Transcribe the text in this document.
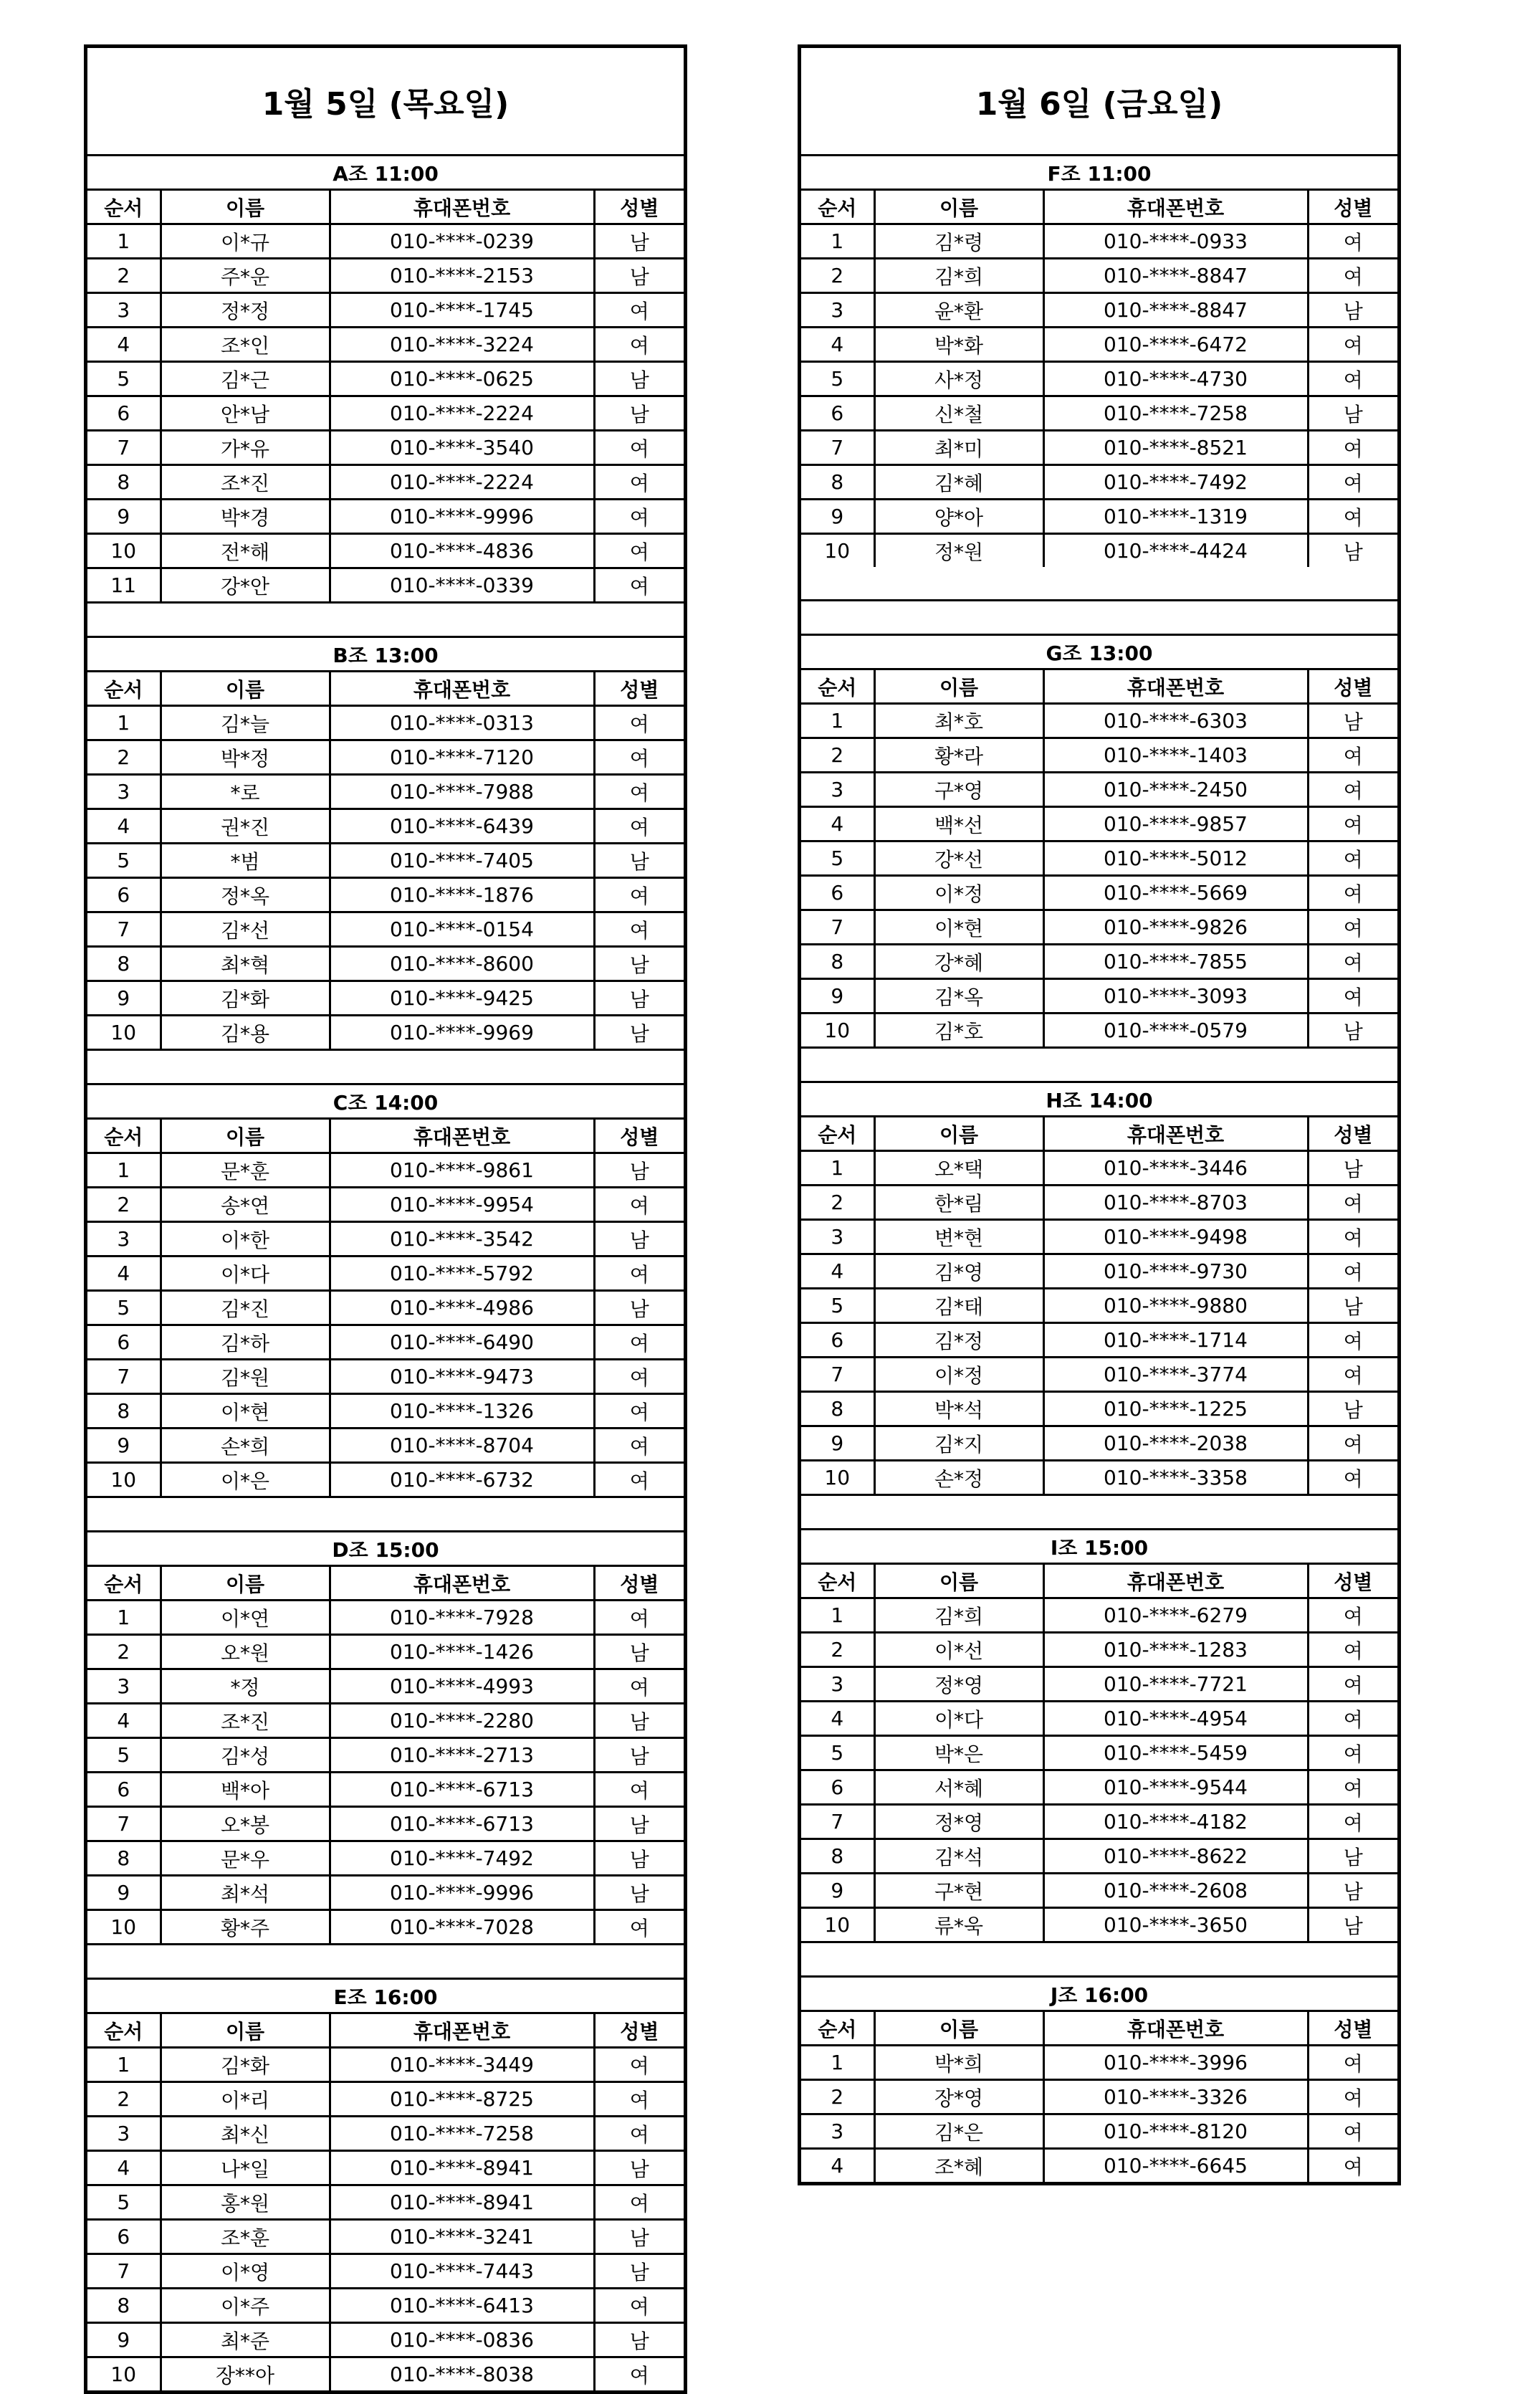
1월 5일 (목요일)
A조 11:00			
순서	이름	휴대폰번호	성별
1	이*규	010-****-0239	남
2	주*운	010-****-2153	남
3	정*정	010-****-1745	여
4	조*인	010-****-3224	여
5	김*근	010-****-0625	남
6	안*남	010-****-2224	남
7	가*유	010-****-3540	여
8	조*진	010-****-2224	여
9	박*경	010-****-9996	여
10	전*해	010-****-4836	여
11	강*안	010-****-0339	여

B조 13:00			
순서	이름	휴대폰번호	성별
1	김*늘	010-****-0313	여
2	박*정	010-****-7120	여
3	*로	010-****-7988	여
4	권*진	010-****-6439	여
5	*범	010-****-7405	남
6	정*옥	010-****-1876	여
7	김*선	010-****-0154	여
8	최*혁	010-****-8600	남
9	김*화	010-****-9425	남
10	김*용	010-****-9969	남

C조 14:00			
순서	이름	휴대폰번호	성별
1	문*훈	010-****-9861	남
2	송*연	010-****-9954	여
3	이*한	010-****-3542	남
4	이*다	010-****-5792	여
5	김*진	010-****-4986	남
6	김*하	010-****-6490	여
7	김*원	010-****-9473	여
8	이*현	010-****-1326	여
9	손*희	010-****-8704	여
10	이*은	010-****-6732	여

D조 15:00			
순서	이름	휴대폰번호	성별
1	이*연	010-****-7928	여
2	오*원	010-****-1426	남
3	*정	010-****-4993	여
4	조*진	010-****-2280	남
5	김*성	010-****-2713	남
6	백*아	010-****-6713	여
7	오*봉	010-****-6713	남
8	문*우	010-****-7492	남
9	최*석	010-****-9996	남
10	황*주	010-****-7028	여

E조 16:00			
순서	이름	휴대폰번호	성별
1	김*화	010-****-3449	여
2	이*리	010-****-8725	여
3	최*신	010-****-7258	여
4	나*일	010-****-8941	남
5	홍*원	010-****-8941	여
6	조*훈	010-****-3241	남
7	이*영	010-****-7443	남
8	이*주	010-****-6413	여
9	최*준	010-****-0836	남
10	장**아	010-****-8038	여
1월 6일 (금요일)
F조 11:00			
순서	이름	휴대폰번호	성별
1	김*령	010-****-0933	여
2	김*희	010-****-8847	여
3	윤*환	010-****-8847	남
4	박*화	010-****-6472	여
5	사*정	010-****-4730	여
6	신*철	010-****-7258	남
7	최*미	010-****-8521	여
8	김*혜	010-****-7492	여
9	양*아	010-****-1319	여
10	정*원	010-****-4424	남

G조 13:00			
순서	이름	휴대폰번호	성별
1	최*호	010-****-6303	남
2	황*라	010-****-1403	여
3	구*영	010-****-2450	여
4	백*선	010-****-9857	여
5	강*선	010-****-5012	여
6	이*정	010-****-5669	여
7	이*현	010-****-9826	여
8	강*혜	010-****-7855	여
9	김*옥	010-****-3093	여
10	김*호	010-****-0579	남

H조 14:00			
순서	이름	휴대폰번호	성별
1	오*택	010-****-3446	남
2	한*림	010-****-8703	여
3	변*현	010-****-9498	여
4	김*영	010-****-9730	여
5	김*태	010-****-9880	남
6	김*정	010-****-1714	여
7	이*정	010-****-3774	여
8	박*석	010-****-1225	남
9	김*지	010-****-2038	여
10	손*정	010-****-3358	여

I조 15:00			
순서	이름	휴대폰번호	성별
1	김*희	010-****-6279	여
2	이*선	010-****-1283	여
3	정*영	010-****-7721	여
4	이*다	010-****-4954	여
5	박*은	010-****-5459	여
6	서*혜	010-****-9544	여
7	정*영	010-****-4182	여
8	김*석	010-****-8622	남
9	구*현	010-****-2608	남
10	류*욱	010-****-3650	남

J조 16:00			
순서	이름	휴대폰번호	성별
1	박*희	010-****-3996	여
2	장*영	010-****-3326	여
3	김*은	010-****-8120	여
4	조*혜	010-****-6645	여
